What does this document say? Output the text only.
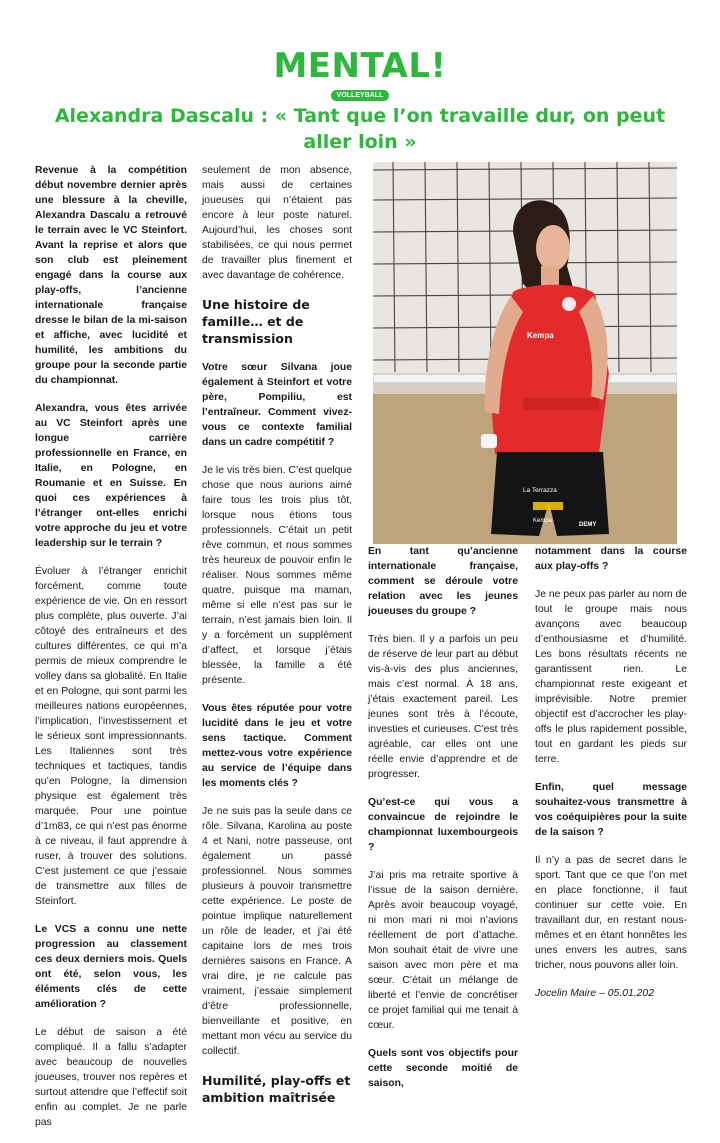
MENTAL!
VOLLEYBALL
Alexandra Dascalu : « Tant que l’on travaille dur, on peut aller loin »

Revenue à la compétition début novembre dernier après une blessure à la cheville, Alexandra Dascalu a retrouvé le terrain avec le VC Steinfort. Avant la reprise et alors que son club est pleinement engagé dans la course aux play-offs, l’ancienne internationale française dresse le bilan de la mi-saison et affiche, avec lucidité et humilité, les ambitions du groupe pour la seconde partie du championnat.

Alexandra, vous êtes arrivée au VC Steinfort après une longue carrière professionnelle en France, en Italie, en Pologne, en Roumanie et en Suisse. En quoi ces expériences à l’étranger ont-elles enrichi votre approche du jeu et votre leadership sur le terrain ?

Évoluer à l’étranger enrichit forcément, comme toute expérience de vie. On en ressort plus complète, plus ouverte. J’ai côtoyé des entraîneurs et des cultures différentes, ce qui m’a permis de mieux comprendre le volley dans sa globalité. En Italie et en Pologne, qui sont parmi les meilleures nations européennes, l’implication, l’investissement et le sérieux sont impressionnants. Les Italiennes sont très techniques et tactiques, tandis qu’en Pologne, la dimension physique est également très marquée. Pour une pointue d’1m83, ce qui n’est pas énorme à ce niveau, il faut apprendre à ruser, à trouver des solutions. C’est justement ce que j’essaie de transmettre aux filles de Steinfort.

Le VCS a connu une nette progression au classement ces deux derniers mois. Quels ont été, selon vous, les éléments clés de cette amélioration ?

Le début de saison a été compliqué. Il a fallu s’adapter avec beaucoup de nouvelles joueuses, trouver nos repères et surtout attendre que l’effectif soit enfin au complet. Je ne parle pas

seulement de mon absence, mais aussi de certaines joueuses qui n’étaient pas encore à leur poste naturel. Aujourd’hui, les choses sont stabilisées, ce qui nous permet de travailler plus finement et avec davantage de cohérence.

Une histoire de famille… et de transmission

Votre sœur Silvana joue également à Steinfort et votre père, Pompiliu, est l’entraîneur. Comment vivez-vous ce contexte familial dans un cadre compétitif ?

Je le vis très bien. C’est quelque chose que nous aurions aimé faire tous les trois plus tôt, lorsque nous étions tous professionnels. C’était un petit rêve commun, et nous sommes très heureux de pouvoir enfin le réaliser. Nous sommes même quatre, puisque ma maman, même si elle n’est pas sur le terrain, n’est jamais bien loin. Il y a forcément un supplément d’affect, et lorsque j’étais blessée, la famille a été présente.

Vous êtes réputée pour votre lucidité dans le jeu et votre sens tactique. Comment mettez-vous votre expérience au service de l’équipe dans les moments clés ?

Je ne suis pas la seule dans ce rôle. Silvana, Karolina au poste 4 et Nani, notre passeuse, ont également un passé professionnel. Nous sommes plusieurs à pouvoir transmettre cette expérience. Le poste de pointue implique naturellement un rôle de leader, et j’ai été capitaine lors de mes trois dernières saisons en France. A vrai dire, je ne calcule pas vraiment, j’essaie simplement d’être professionnelle, bienveillante et positive, en mettant mon vécu au service du collectif.

Humilité, play-offs et ambition maîtrisée
Kempa
La Terrazza
Kempa
DEMY

En tant qu’ancienne internationale française, comment se déroule votre relation avec les jeunes joueuses du groupe ?

Très bien. Il y a parfois un peu de réserve de leur part au début vis-à-vis des plus anciennes, mais c’est normal. À 18 ans, j’étais exactement pareil. Les jeunes sont très à l’écoute, investies et curieuses. C’est très agréable, car elles ont une réelle envie d’apprendre et de progresser.

Qu’est-ce qui vous a convaincue de rejoindre le championnat luxembourgeois ?

J’ai pris ma retraite sportive à l’issue de la saison dernière. Après avoir beaucoup voyagé, ni mon mari ni moi n’avions réellement de port d’attache. Mon souhait était de vivre une saison avec mon père et ma sœur. C’était un mélange de liberté et l’envie de concrétiser ce projet familial qui me tenait à cœur.

Quels sont vos objectifs pour cette seconde moitié de saison,

notamment dans la course aux play-offs ?

Je ne peux pas parler au nom de tout le groupe mais nous avançons avec beaucoup d’enthousiasme et d’humilité. Les bons résultats récents ne garantissent rien. Le championnat reste exigeant et imprévisible. Notre premier objectif est d’accrocher les play-offs le plus rapidement possible, tout en gardant les pieds sur terre.

Enfin, quel message souhaitez-vous transmettre à vos coéquipières pour la suite de la saison ?

Il n’y a pas de secret dans le sport. Tant que ce que l’on met en place fonctionne, il faut continuer sur cette voie. En travaillant dur, en restant nous-mêmes et en étant honnêtes les unes envers les autres, sans tricher, nous pouvons aller loin.

Jocelin Maire – 05.01.202
